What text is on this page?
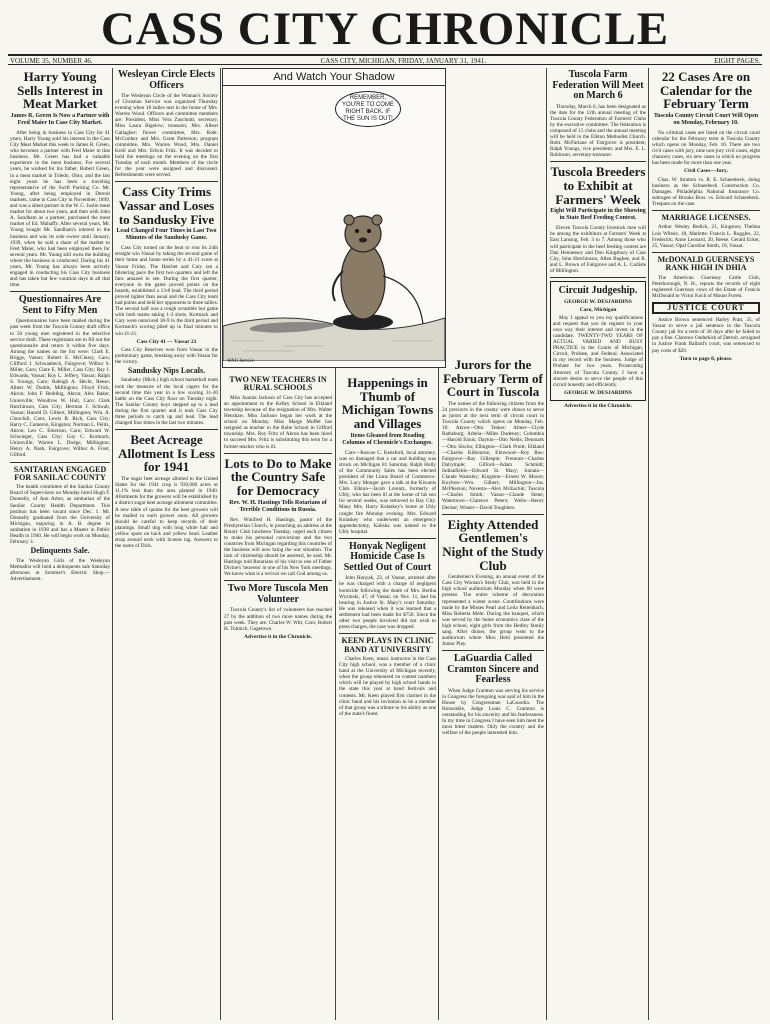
CASS CITY CHRONICLE
VOLUME 35, NUMBER 46.	CASS CITY, MICHIGAN, FRIDAY, JANUARY 31, 1941.	EIGHT PAGES.
Harry Young Sells Interest in Meat Market
James R. Green Is Now a Partner with Fred Maier In Cass City Market.
After being in business in Cass City for 41 years, Harry Young sold his interest in the Cass City Meat Market this week to James R. Green, who becomes a partner with Fred Maier in that business. Mr. Green has had a valuable experience in the meat business. For several years, he worked for his father, Robert Green, in a meat market in Toledo, Ohio, and the last eight years he has been a traveling representative of the Swift Packing Co. Mr. Young, after being employed in Detroit markets, came to Cass City in November, 1899, and was a silent partner in the W. C. Joslin meat market for about two years, and then with John A. Sandham as a partner, purchased the meat market of Ed. Mahaffy. After several years, Mr. Young bought Mr. Sandham's interest in the business and was its sole owner until January, 1939, when he sold a share of the market to Fred Maier, who had been employed there for several years. Mr. Young still owns the building where the business is conducted. During his 41 years, Mr. Young has always been actively engaged in conducting his Cass City business and has taken but few vacation days in all that time.
Questionnaires Are Sent to Fifty Men
Questionnaires have been mailed during the past week from the Tuscola County draft office to 50 young men registered in the selective service draft. These registrants are to fill out the questionnaire and return it within five days. Among the names on the list were: Clark E. Briggs, Vassar; Robert E. McCleary, Caro; Clifford J. Schwanbeck, Fairgrove; Wilbur S. Miller, Caro; Clare E. Miller, Cass City; Ray J. Edwards, Vassar; Roy L. Jeffery, Vassar; Ralph S. Youngs, Caro; Raleigh A. Hecht, Reese; Albert W. Dodds, Millington; Floyd Frick, Akron; John F. Redding, Akron; Alex Baker, Unionville; Woodrow W. Hall, Caro; Clark Hutchinson, Cass City; Herman J. Schwab, Vassar; Harold D. Gilbert, Millington; Wm. A. Churchill, Caro; Lewis R. Rich, Cass City; Harry C. Cameron, Kingston; Norman L. Pelitz, Akron; Leo C. Emerson, Caro; Edward W. Schwieger, Cass City; Guy C. Kortnack, Unionville; Warren L. Dodge, Millington; Henry A. Nash, Fairgrove; Wilbur A. Frost, Gilford.
SANITARIAN ENGAGED FOR SANILAC COUNTY
The health committee of the Sanilac County Board of Supervisors on Monday hired Hugh F. Donnelly, of Ann Arbor, as sanitarian of the Sanilac County Health Department. This position has been vacant since Dec. 1. Mr. Donnelly graduated from the University of Michigan, majoring in A. B. degree in sanitation in 1938 and has a Master in Public Health in 1940. He will begin work on Monday, February 3.
Delinquents Sale.
The Wesleyan Girls of the Wesleyan Methodist will hold a delinquents sale Saturday afternoon at Sommer's Electric Shop.—Advertisement.
Wesleyan Circle Elects Officers
The Wesleyan Circle of the Woman's Society of Christian Service was organized Thursday evening when 18 ladies met in the home of Mrs. Warren Wood. Officers and committee members are: President, Miss Vera Zuschnitt; secretary, Miss Laura Bigelow; treasurer, Mrs. Albert Gallagher; flower committee, Mrs. Robt. McConkey and Mrs. Grant Patterson; program committee, Mrs. Warren Wood, Mrs. Daniel Krell and Mrs. Edwin Fritz. It was decided to hold the meetings on the evening on the first Tuesday of each month. Members of the circle for the year were assigned and discussed. Refreshments were served.
Cass City Trims Vassar and Loses to Sandusky Five
Lead Changed Four Times in Last Two Minutes of the Sandusky Game.
Cass City turned on the heat to rout its 24th straight win Vassar by taking the second game of their home and home series by a 41-21 score at Vassar Friday. The Hatchet and Cary ran a blistering pace the first two quarters and left the fans amazed to see. During the first quarter, everyone in the game proved points on the boards, established a 13-8 lead. The third period proved tighter than usual and the Cass City team had points and held her opponents to three tallies. The second half was a rough scramble but game with both teams taking 1-3 shots. Kortnack and Cary were outscored 30-9 in the third period and Kortnack's scoring piled up in final minutes to win 41-21.
Cass City 41 — Vassar 21
Cass City Reserves won from Vassar in the preliminary game, breaking away with Vassar for the victory.
Sandusky Nips Locals.
Sandusky (Mich.) high school basketball team took the measure of the local cagers for the second time this year in a low scoring 31-30 battle on the Cass City floor on Tuesday night. The Sanilac County boys stepped up to a lead during the first quarter and it took Cass City three periods to catch up and lead. The lead changed four times in the last two minutes.
Beet Acreage Allotment Is Less for 1941
The sugar beet acreage allotted to the United States for the 1941 crop is 930,000 acres or 11.1% less than the area planted in 1940. Allotments for the growers will be established by a district sugar beet acreage allotment committee. A new table of quotas for the beet growers will be mailed to each grower soon. All growers should be careful to keep records of their plantings. Small dog with long white hair and yellow spots on back and yellow head. Leather strap around neck with license tag. Answers to the name of Dick.
And Watch Your Shadow
REMEMBER, YOU'RE TO COME RIGHT BACK, IF THE SUN IS OUT!
WNU Service
TWO NEW TEACHERS IN RURAL SCHOOLS
Miss Juanita Jackson of Cass City has accepted an appointment to the Kelley School in Elkland township because of the resignation of Mrs. Walter Henshaw. Miss Jackson began her work at the school on Monday. Miss Marge Moffet has resigned as teacher in the Rube School in Gifford township. Mrs. Roy Fritz of Akron has been hired to succeed Mrs. Fritz is substituting this term for a former teacher who is ill.
Lots to Do to Make the Country Safe for Democracy
Rev. W. H. Hastings Tells Rotarians of Terrible Conditions in Russia.
Rev. Winifred H. Hastings, pastor of the Presbyterian Church, in preaching an address at the Rotary Club luncheon Tuesday, urged each citizen to make his personal convictions and the two countries from Michigan regarding this countries of the business will now bring the war situation. The lack of citizenship should be asserted, he said. Mr. Hastings told Rotarians of his visit to one of Father Divine's 'heavens' in one of his New York meetings. We know what is a revival we call God among us.
Two More Tuscola Men Volunteer
Tuscola County's list of volunteers has reached 27 by the addition of two more names during the past week. They are: Charles W. Witt, Caro; Robert H. Tolmich, Gagetown.
Advertise it in the Chronicle.
Happenings in Thumb of Michigan Towns and Villages
Items Gleaned from Reading Columns of Chronicle's Exchanges.
Caro—Roscoe C. Kensford, local attorney, was so damaged that a car and building was struck on Michigan 81 Saturday. Ralph Holly of the Community Sales has been elected president of the Lions Board of Commerce. Mrs. Lucy Monger gave a talk at the Kiwanis Club. Elkton—Jacob Lorentz, formerly of Ubly, who has been ill at the home of his son for several weeks, was removed to Bay City. Many Mrs. Harry Kolaskey's home at Ubly caught fire Monday evening. Mrs. Edward Kolaskey who underwent an emergency appendectomy, Kaliska was named to the Ubly hospital.
Honyak Negligent Homicide Case Is Settled Out of Court
John Honyak, 23, of Vassar, arrested after he was charged with a charge of negligent homicide following the death of Mrs. Bertha Wyzinski, 47, of Vassar, on Nov. 11, had his hearing in Justice St. Mary's court Saturday. He was released when it was learned that a settlement had been made for $750. Since the other two people involved did not wish to press charges, the case was dropped.
KEEN PLAYS IN CLINIC BAND AT UNIVERSITY
Charles Keen, music instructor in the Cass City high school, was a member of a clinic band at the University of Michigan recently, when the group rehearsed on contest numbers which will be played by high school bands in the state this year at band festivals and contests. Mr. Keen played first clarinet in the clinic band and his invitation to be a member of that group was a tribute to his ability as one of the state's finest.
Jurors for the February Term of Court in Tuscola
The names of the following citizens from the 24 precincts in the county were drawn to serve as jurors at the next term of circuit court in Tuscola County which opens on Monday, Feb. 10: Akron—Otto Tesker; Almer—Clyde Rathsburg; Arbela—Miles Dudeney; Columbia—Harold Ennis; Dayton—Otto Nehls; Denmark—Otto Sischo; Ellington—Clark Pruitt; Elkland—Charles Kilbourne; Elmwood—Roy Roe; Fairgrove—Ray Gillespie; Fremont—Charles Dalrymple; Gilford—Adam Schmidt; Indianfields—Edward St. Mary; Juniata—Claude Wamsley; Kingston—Ernest W. Moore; Koylton—Wm. Gilbert; Millington—Jas. McPherson; Novesta—Alex McEachin; Tuscola—Charles Smith; Vassar—Claude Stene; Watertown—Clarence Peters; Wells—Henry Decker; Wisner—David Toughlers.
Eighty Attended Gentlemen's Night of the Study Club
Gentlemen's Evening, an annual event of the Cass City Woman's Study Club, was held in the high school auditorium Monday when 80 were present. The entire scheme of decoration represented a winter scene. Contributions were made by the Misses Pearl and Leila Reitenbach, Miss Roberta Mohr. During the banquet, which was served by the home economics class of the high school, eight girls from the Hedley family sang. After dinner, the group went to the auditorium where Miss Heid presented the Junior Play.
LaGuardia Called Cramton Sincere and Fearless
When Judge Cramton was serving his service in Congress the foregoing was said of him in the House by Congressman LaGuardia. The Honorable, Judge Louis C. Cramton is outstanding for his sincerity and his fearlessness. In my time in Congress I have seen him meet the most bitter matters. Only the country and the welfare of the people interested him.
Tuscola Farm Federation Will Meet on March 6
Thursday, March 6, has been designated as the date for the 12th annual meeting of the Tuscola County Federation of Farmers' Clubs by the executive committee. The federation is composed of 15 clubs and the annual meeting will be held in the Elkton Methodist Church. Robt. McFarlane of Fairgrove is president; Ralph Youngs, vice president; and Mrs. E. L. Robinson, secretary-treasurer.
Tuscola Breeders to Exhibit at Farmers' Week
Eight Will Participate in the Showing in State Beef Feeding Contest.
Eleven Tuscola County livestock men will be among the exhibitors at Farmers' Week at East Lansing, Feb. 3 to 7. Among those who will participate in the beef feeding contest are Dan Hennessey and Don Kingsbury of Cass City, John Hutchinson, Allen Bugbee, and R. and L. Brown of Fairgrove and A. L. Carlisle of Millington.
Circuit Judgeship.
GEORGE W. DESJARDINS
Caro, Michigan
May I appeal to you my qualifications and request that you do register in your own way their interest and invest in the candidate. TWENTY-TWO YEARS OF ACTUAL VARIED AND BUSY PRACTICE in the Courts of Michigan, Circuit, Probate, and Federal. Associated in my record with the business. Judge of Probate for two years. Prosecuting Attorney of Tuscola County. I have a sincere desire to serve the people of this circuit honestly and efficiently.
GEORGE W. DESJARDINS
Advertise it in the Chronicle.
22 Cases Are on Calendar for the February Term
Tuscola County Circuit Court Will Open on Monday, February 10.
No criminal cases are listed on the circuit court calendar for the February term in Tuscola County which opens on Monday, Feb. 10. There are two civil cases with jury, nine non-jury civil cases, eight chancery cases, six new cases in which no progress has been made for more than one year.
Civil Cases—Jury.
Chas. W. Stratton vs. R. E. Schneebeck, doing business as the Schneebeck Construction Co. Damages. Philadelphia National Insurance Co. subrogee of Brooks Bros. vs. Edward Schneebeck. Trespass on the case.
MARRIAGE LICENSES.
Arthur Wesley Redick, 21, Kingston; Thelma Lois Wiltsie, 18, Marlette. Francis L. Ruggles, 22, Frederick; Anne Leonard, 20, Reese. Gerald Ecker, 25, Vassar; Opal Caroline Smith, 18, Vassar.
McDONALD GUERNSEYS RANK HIGH IN DHIA
The American Guernsey Cattle Club, Peterborough, N. H., reports the records of eight registered Guernsey cows of the Estate of Francis McDonald to Victor Koch of Mount Forest.
JUSTICE COURT
Justice Brown sentenced Harley Pratt, 35, of Vassar to serve a jail sentence in the Tuscola County jail for a term of 30 days after he failed to pay a fine. Clarence Ouderkirk of Detroit, arraigned in Justice Frank Ballard's court, was sentenced to pay costs of $20.
Turn to page 8, please.
